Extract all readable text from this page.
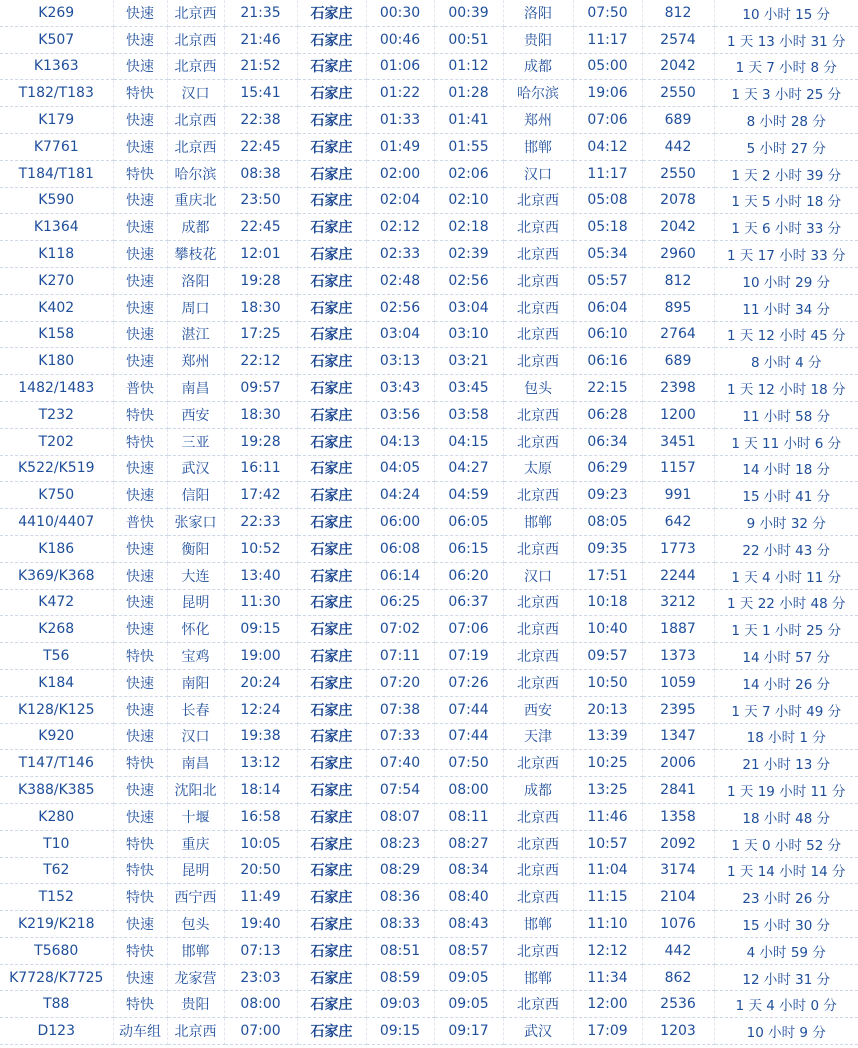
K269	快速	北京西	21:35	石家庄	00:30	00:39	洛阳	07:50	812	10 小时 15 分
K507	快速	北京西	21:46	石家庄	00:46	00:51	贵阳	11:17	2574	1 天 13 小时 31 分
K1363	快速	北京西	21:52	石家庄	01:06	01:12	成都	05:00	2042	1 天 7 小时 8 分
T182/T183	特快	汉口	15:41	石家庄	01:22	01:28	哈尔滨	19:06	2550	1 天 3 小时 25 分
K179	快速	北京西	22:38	石家庄	01:33	01:41	郑州	07:06	689	8 小时 28 分
K7761	快速	北京西	22:45	石家庄	01:49	01:55	邯郸	04:12	442	5 小时 27 分
T184/T181	特快	哈尔滨	08:38	石家庄	02:00	02:06	汉口	11:17	2550	1 天 2 小时 39 分
K590	快速	重庆北	23:50	石家庄	02:04	02:10	北京西	05:08	2078	1 天 5 小时 18 分
K1364	快速	成都	22:45	石家庄	02:12	02:18	北京西	05:18	2042	1 天 6 小时 33 分
K118	快速	攀枝花	12:01	石家庄	02:33	02:39	北京西	05:34	2960	1 天 17 小时 33 分
K270	快速	洛阳	19:28	石家庄	02:48	02:56	北京西	05:57	812	10 小时 29 分
K402	快速	周口	18:30	石家庄	02:56	03:04	北京西	06:04	895	11 小时 34 分
K158	快速	湛江	17:25	石家庄	03:04	03:10	北京西	06:10	2764	1 天 12 小时 45 分
K180	快速	郑州	22:12	石家庄	03:13	03:21	北京西	06:16	689	8 小时 4 分
1482/1483	普快	南昌	09:57	石家庄	03:43	03:45	包头	22:15	2398	1 天 12 小时 18 分
T232	特快	西安	18:30	石家庄	03:56	03:58	北京西	06:28	1200	11 小时 58 分
T202	特快	三亚	19:28	石家庄	04:13	04:15	北京西	06:34	3451	1 天 11 小时 6 分
K522/K519	快速	武汉	16:11	石家庄	04:05	04:27	太原	06:29	1157	14 小时 18 分
K750	快速	信阳	17:42	石家庄	04:24	04:59	北京西	09:23	991	15 小时 41 分
4410/4407	普快	张家口	22:33	石家庄	06:00	06:05	邯郸	08:05	642	9 小时 32 分
K186	快速	衡阳	10:52	石家庄	06:08	06:15	北京西	09:35	1773	22 小时 43 分
K369/K368	快速	大连	13:40	石家庄	06:14	06:20	汉口	17:51	2244	1 天 4 小时 11 分
K472	快速	昆明	11:30	石家庄	06:25	06:37	北京西	10:18	3212	1 天 22 小时 48 分
K268	快速	怀化	09:15	石家庄	07:02	07:06	北京西	10:40	1887	1 天 1 小时 25 分
T56	特快	宝鸡	19:00	石家庄	07:11	07:19	北京西	09:57	1373	14 小时 57 分
K184	快速	南阳	20:24	石家庄	07:20	07:26	北京西	10:50	1059	14 小时 26 分
K128/K125	快速	长春	12:24	石家庄	07:38	07:44	西安	20:13	2395	1 天 7 小时 49 分
K920	快速	汉口	19:38	石家庄	07:33	07:44	天津	13:39	1347	18 小时 1 分
T147/T146	特快	南昌	13:12	石家庄	07:40	07:50	北京西	10:25	2006	21 小时 13 分
K388/K385	快速	沈阳北	18:14	石家庄	07:54	08:00	成都	13:25	2841	1 天 19 小时 11 分
K280	快速	十堰	16:58	石家庄	08:07	08:11	北京西	11:46	1358	18 小时 48 分
T10	特快	重庆	10:05	石家庄	08:23	08:27	北京西	10:57	2092	1 天 0 小时 52 分
T62	特快	昆明	20:50	石家庄	08:29	08:34	北京西	11:04	3174	1 天 14 小时 14 分
T152	特快	西宁西	11:49	石家庄	08:36	08:40	北京西	11:15	2104	23 小时 26 分
K219/K218	快速	包头	19:40	石家庄	08:33	08:43	邯郸	11:10	1076	15 小时 30 分
T5680	特快	邯郸	07:13	石家庄	08:51	08:57	北京西	12:12	442	4 小时 59 分
K7728/K7725	快速	龙家营	23:03	石家庄	08:59	09:05	邯郸	11:34	862	12 小时 31 分
T88	特快	贵阳	08:00	石家庄	09:03	09:05	北京西	12:00	2536	1 天 4 小时 0 分
D123	动车组	北京西	07:00	石家庄	09:15	09:17	武汉	17:09	1203	10 小时 9 分
